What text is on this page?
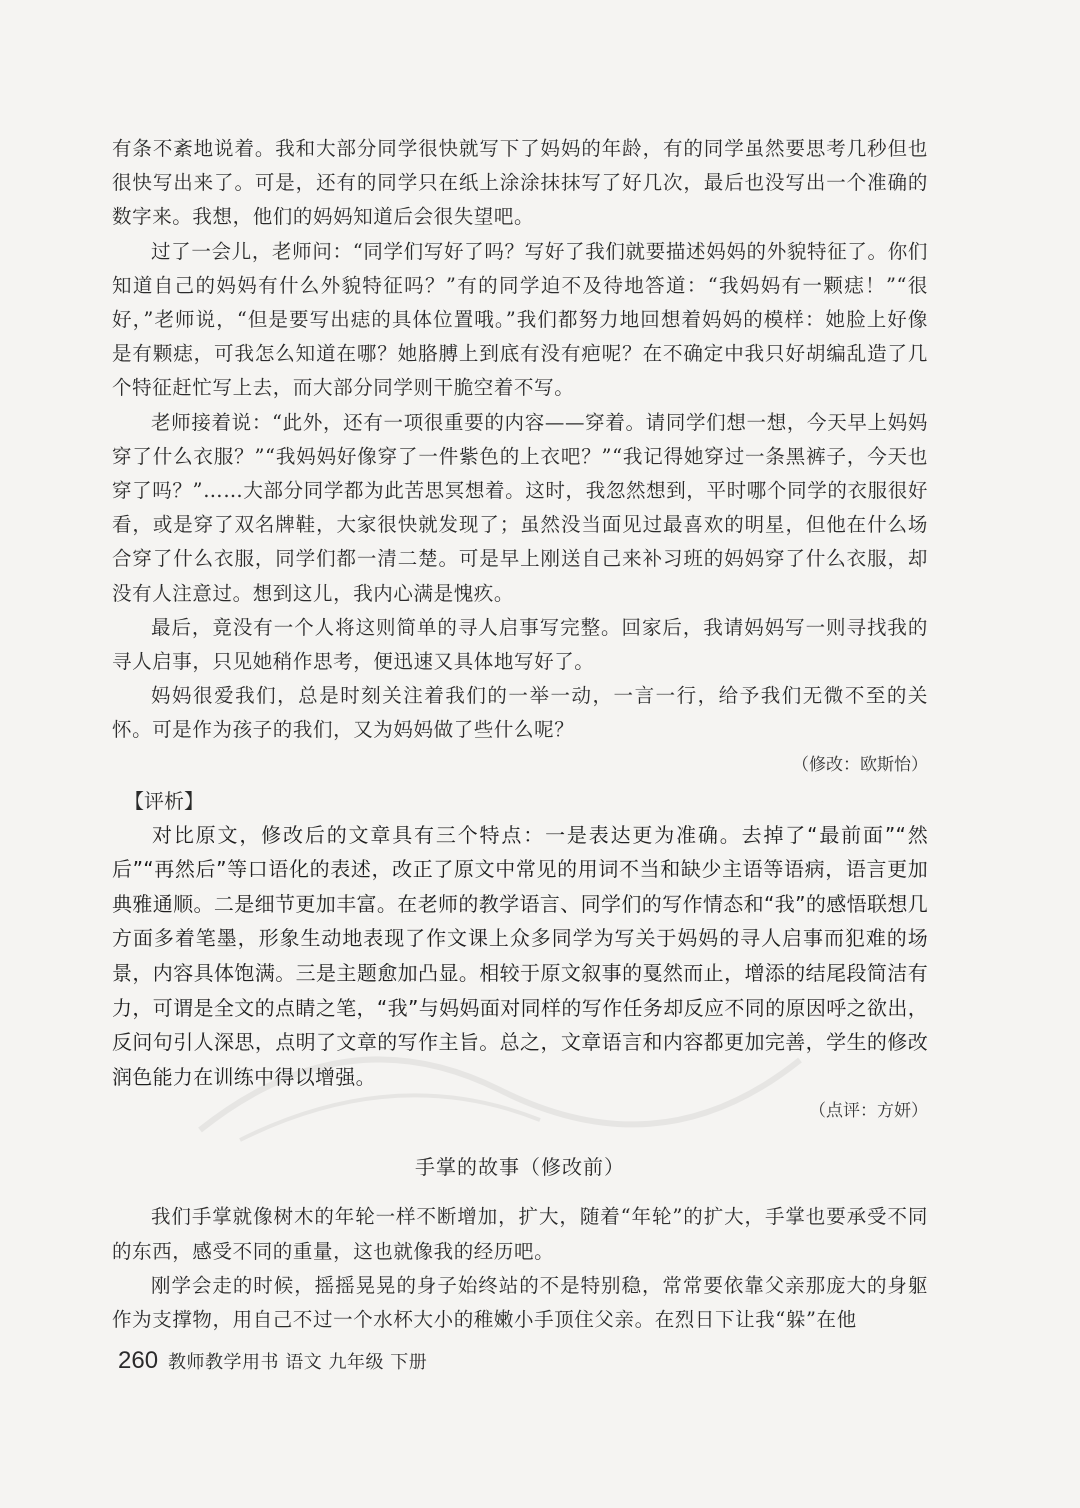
有条不紊地说着。我和大部分同学很快就写下了妈妈的年龄，有的同学虽然要思考几秒但也很快写出来了。可是，还有的同学只在纸上涂涂抹抹写了好几次，最后也没写出一个准确的数字来。我想，他们的妈妈知道后会很失望吧。

过了一会儿，老师问：“同学们写好了吗？写好了我们就要描述妈妈的外貌特征了。你们知道自己的妈妈有什么外貌特征吗？”有的同学迫不及待地答道：“我妈妈有一颗痣！”“很好，”老师说，“但是要写出痣的具体位置哦。”我们都努力地回想着妈妈的模样：她脸上好像是有颗痣，可我怎么知道在哪？她胳膊上到底有没有疤呢？在不确定中我只好胡编乱造了几个特征赶忙写上去，而大部分同学则干脆空着不写。

老师接着说：“此外，还有一项很重要的内容——穿着。请同学们想一想，今天早上妈妈穿了什么衣服？”“我妈妈好像穿了一件紫色的上衣吧？”“我记得她穿过一条黑裤子，今天也穿了吗？”……大部分同学都为此苦思冥想着。这时，我忽然想到，平时哪个同学的衣服很好看，或是穿了双名牌鞋，大家很快就发现了；虽然没当面见过最喜欢的明星，但他在什么场合穿了什么衣服，同学们都一清二楚。可是早上刚送自己来补习班的妈妈穿了什么衣服，却没有人注意过。想到这儿，我内心满是愧疚。

最后，竟没有一个人将这则简单的寻人启事写完整。回家后，我请妈妈写一则寻找我的寻人启事，只见她稍作思考，便迅速又具体地写好了。

妈妈很爱我们，总是时刻关注着我们的一举一动，一言一行，给予我们无微不至的关怀。可是作为孩子的我们，又为妈妈做了些什么呢？

（修改：欧斯怡）

【评析】

对比原文，修改后的文章具有三个特点：一是表达更为准确。去掉了“最前面”“然后”“再然后”等口语化的表述，改正了原文中常见的用词不当和缺少主语等语病，语言更加典雅通顺。二是细节更加丰富。在老师的教学语言、同学们的写作情态和“我”的感悟联想几方面多着笔墨，形象生动地表现了作文课上众多同学为写关于妈妈的寻人启事而犯难的场景，内容具体饱满。三是主题愈加凸显。相较于原文叙事的戛然而止，增添的结尾段简洁有力，可谓是全文的点睛之笔，“我”与妈妈面对同样的写作任务却反应不同的原因呼之欲出，反问句引人深思，点明了文章的写作主旨。总之，文章语言和内容都更加完善，学生的修改润色能力在训练中得以增强。

（点评：方妍）

手掌的故事（修改前）

我们手掌就像树木的年轮一样不断增加，扩大，随着“年轮”的扩大，手掌也要承受不同的东西，感受不同的重量，这也就像我的经历吧。

刚学会走的时候，摇摇晃晃的身子始终站的不是特别稳，常常要依靠父亲那庞大的身躯作为支撑物，用自己不过一个水杯大小的稚嫩小手顶住父亲。在烈日下让我“躲”在他

260 教师教学用书 语文 九年级 下册
